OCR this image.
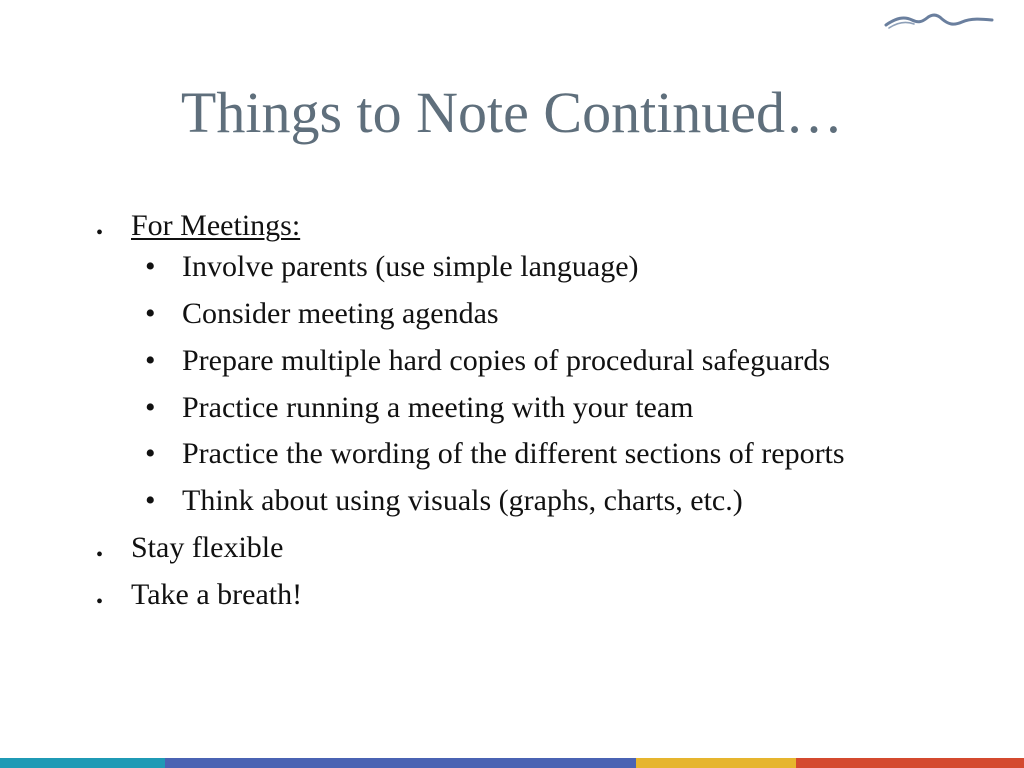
Things to Note Continued…
• For Meetings:
• Involve parents (use simple language)
• Consider meeting agendas
• Prepare multiple hard copies of procedural safeguards
• Practice running a meeting with your team
• Practice the wording of the different sections of reports
• Think about using visuals (graphs, charts, etc.)
• Stay flexible
• Take a breath!
